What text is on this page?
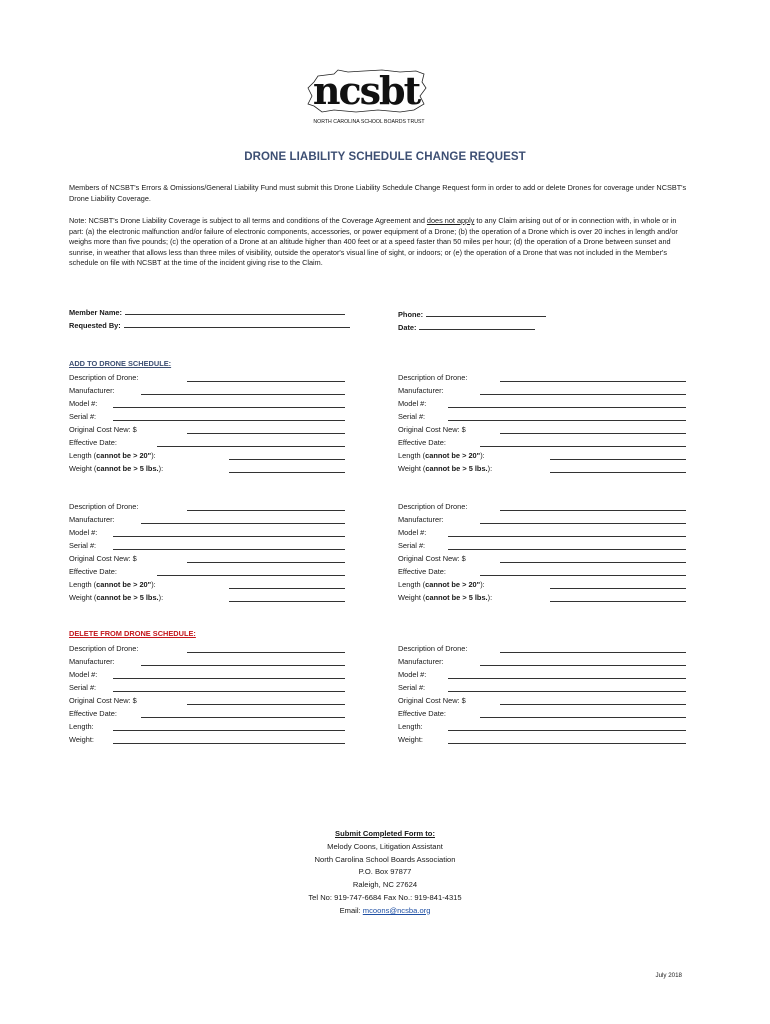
ncsbt
NORTH CAROLINA SCHOOL BOARDS TRUST
DRONE LIABILITY SCHEDULE CHANGE REQUEST

Members of NCSBT's Errors & Omissions/General Liability Fund must submit this Drone Liability Schedule Change Request form in order to add or delete Drones for coverage under NCSBT's Drone Liability Coverage.

Note: NCSBT's Drone Liability Coverage is subject to all terms and conditions of the Coverage Agreement and does not apply to any Claim arising out of or in connection with, in whole or in part: (a) the electronic malfunction and/or failure of electronic components, accessories, or power equipment of a Drone; (b) the operation of a Drone which is over 20 inches in length and/or weighs more than five pounds; (c) the operation of a Drone at an altitude higher than 400 feet or at a speed faster than 50 miles per hour; (d) the operation of a Drone between sunset and sunrise, in weather that allows less than three miles of visibility, outside the operator's visual line of sight, or indoors; or (e) the operation of a Drone that was not included in the Member's schedule on file with NCSBT at the time of the incident giving rise to the Claim.

Member Name:
Requested By:
Phone:
Date:
ADD TO DRONE SCHEDULE:
Description of Drone:
Manufacturer:
Model #:
Serial #:
Original Cost New: $
Effective Date:
Length (cannot be > 20"):
Weight (cannot be > 5 lbs.):
Description of Drone:
Manufacturer:
Model #:
Serial #:
Original Cost New: $
Effective Date:
Length (cannot be > 20"):
Weight (cannot be > 5 lbs.):
Description of Drone:
Manufacturer:
Model #:
Serial #:
Original Cost New: $
Effective Date:
Length (cannot be > 20"):
Weight (cannot be > 5 lbs.):
Description of Drone:
Manufacturer:
Model #:
Serial #:
Original Cost New: $
Effective Date:
Length (cannot be > 20"):
Weight (cannot be > 5 lbs.):
DELETE FROM DRONE SCHEDULE:
Description of Drone:
Manufacturer:
Model #:
Serial #:
Original Cost New: $
Effective Date:
Length:
Weight:
Description of Drone:
Manufacturer:
Model #:
Serial #:
Original Cost New: $
Effective Date:
Length:
Weight:
Submit Completed Form to:
Melody Coons, Litigation Assistant
North Carolina School Boards Association
P.O. Box 97877
Raleigh, NC 27624
Tel No: 919-747-6684 Fax No.: 919-841-4315
Email: mcoons@ncsba.org
July 2018
